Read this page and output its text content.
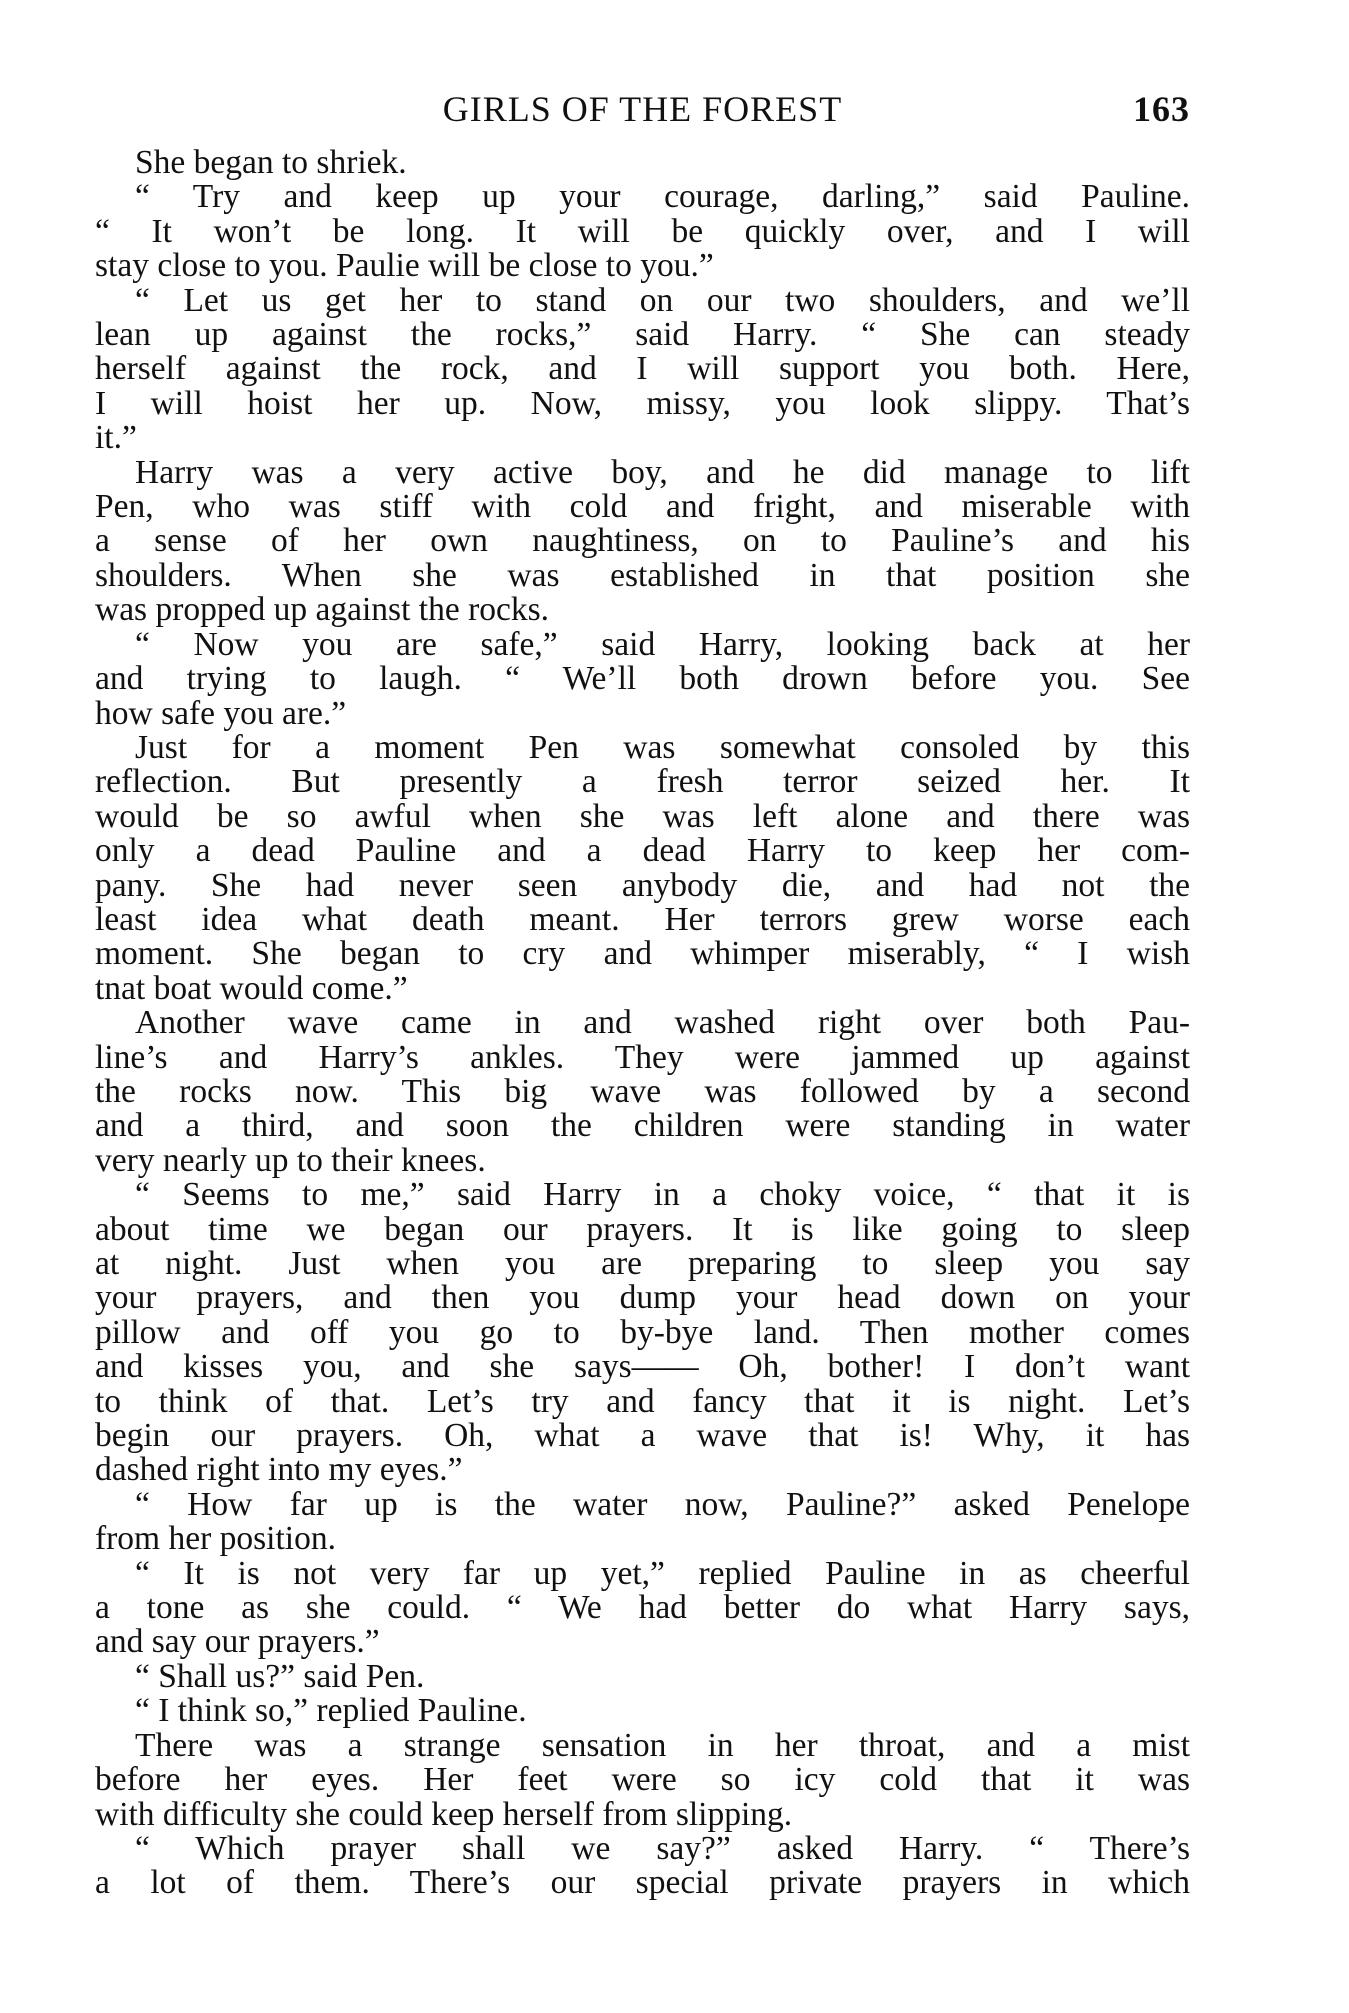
GIRLS OF THE FOREST	163
She began to shriek.
“ Try and keep up your courage, darling,” said Pauline.
“ It won’t be long. It will be quickly over, and I will
stay close to you. Paulie will be close to you.”
“ Let us get her to stand on our two shoulders, and we’ll
lean up against the rocks,” said Harry. “ She can steady
herself against the rock, and I will support you both. Here,
I will hoist her up. Now, missy, you look slippy. That’s
it.”
Harry was a very active boy, and he did manage to lift
Pen, who was stiff with cold and fright, and miserable with
a sense of her own naughtiness, on to Pauline’s and his
shoulders. When she was established in that position she
was propped up against the rocks.
“ Now you are safe,” said Harry, looking back at her
and trying to laugh. “ We’ll both drown before you. See
how safe you are.”
Just for a moment Pen was somewhat consoled by this
reflection. But presently a fresh terror seized her. It
would be so awful when she was left alone and there was
only a dead Pauline and a dead Harry to keep her com-
pany. She had never seen anybody die, and had not the
least idea what death meant. Her terrors grew worse each
moment. She began to cry and whimper miserably, “ I wish
tnat boat would come.”
Another wave came in and washed right over both Pau-
line’s and Harry’s ankles. They were jammed up against
the rocks now. This big wave was followed by a second
and a third, and soon the children were standing in water
very nearly up to their knees.
“ Seems to me,” said Harry in a choky voice, “ that it is
about time we began our prayers. It is like going to sleep
at night. Just when you are preparing to sleep you say
your prayers, and then you dump your head down on your
pillow and off you go to by-bye land. Then mother comes
and kisses you, and she says—— Oh, bother! I don’t want
to think of that. Let’s try and fancy that it is night. Let’s
begin our prayers. Oh, what a wave that is! Why, it has
dashed right into my eyes.”
“ How far up is the water now, Pauline?” asked Penelope
from her position.
“ It is not very far up yet,” replied Pauline in as cheerful
a tone as she could. “ We had better do what Harry says,
and say our prayers.”
“ Shall us?” said Pen.
“ I think so,” replied Pauline.
There was a strange sensation in her throat, and a mist
before her eyes. Her feet were so icy cold that it was
with difficulty she could keep herself from slipping.
“ Which prayer shall we say?” asked Harry. “ There’s
a lot of them. There’s our special private prayers in which
